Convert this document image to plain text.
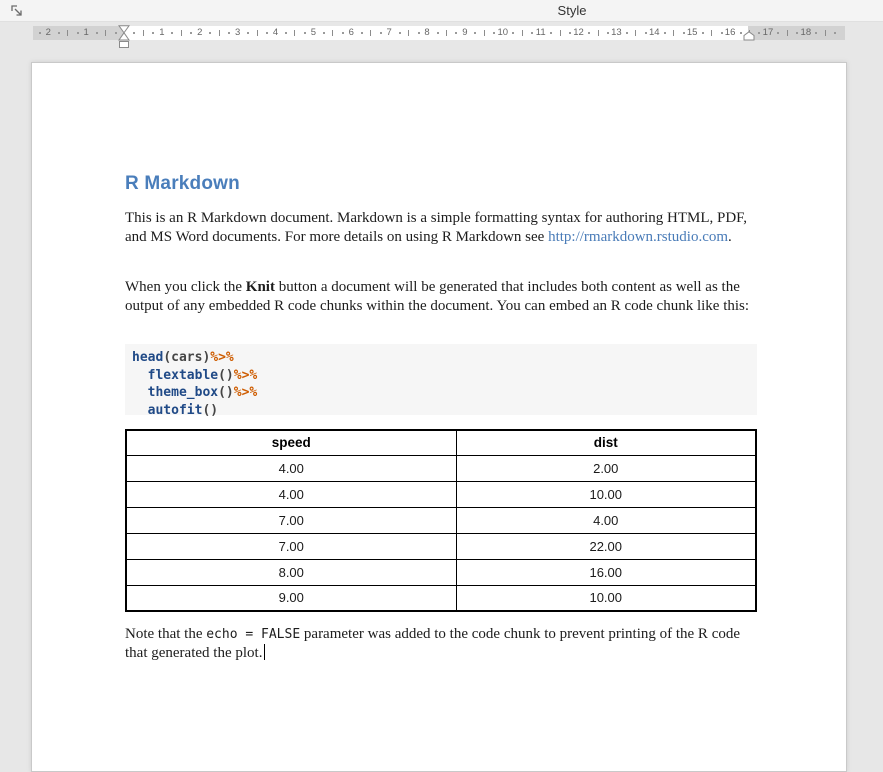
Style
1
2	1	2	3	4	5	6	7	8	9	10	11	12	13	14	15	16	17	18
R Markdown

This is an R Markdown document. Markdown is a simple formatting syntax for authoring HTML, PDF, and MS Word documents. For more details on using R Markdown see http://rmarkdown.rstudio.com.

When you click the Knit button a document will be generated that includes both content as well as the output of any embedded R code chunks within the document. You can embed an R code chunk like this:

head(cars)%>%
flextable()%>%
theme_box()%>%
autofit()
speed	dist
4.00	2.00
4.00	10.00
7.00	4.00
7.00	22.00
8.00	16.00
9.00	10.00

Note that the echo = FALSE parameter was added to the code chunk to prevent printing of the R code that generated the plot.
